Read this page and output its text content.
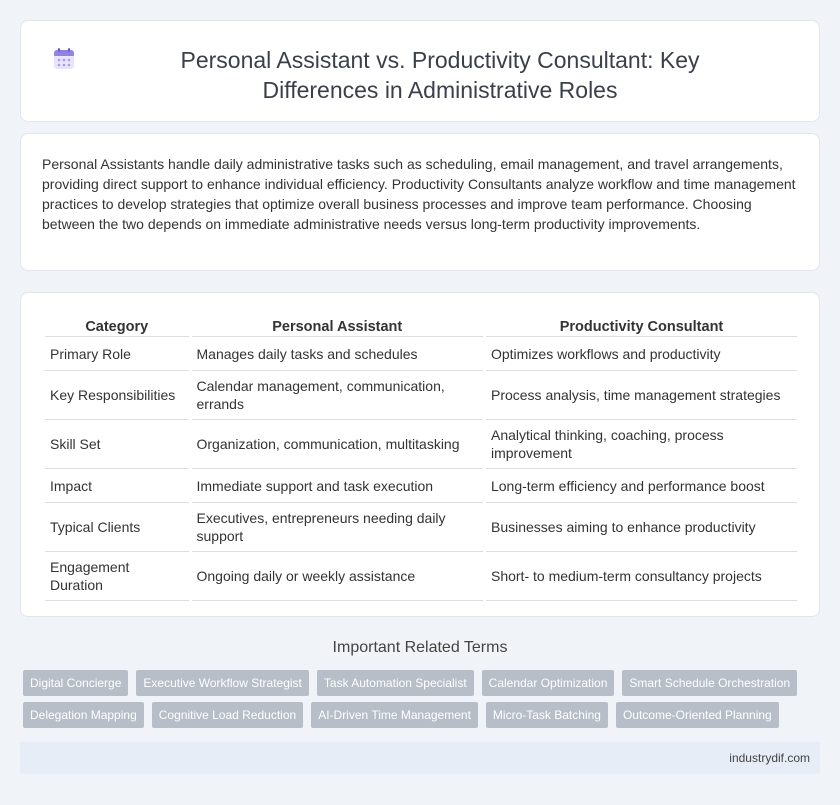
Personal Assistant vs. Productivity Consultant: Key Differences in Administrative Roles

Personal Assistants handle daily administrative tasks such as scheduling, email management, and travel arrangements, providing direct support to enhance individual efficiency. Productivity Consultants analyze workflow and time management practices to develop strategies that optimize overall business processes and improve team performance. Choosing between the two depends on immediate administrative needs versus long-term productivity improvements.

Category	Personal Assistant	Productivity Consultant
Primary Role	Manages daily tasks and schedules	Optimizes workflows and productivity
Key Responsibilities	Calendar management, communication, errands	Process analysis, time management strategies
Skill Set	Organization, communication, multitasking	Analytical thinking, coaching, process improvement
Impact	Immediate support and task execution	Long-term efficiency and performance boost
Typical Clients	Executives, entrepreneurs needing daily support	Businesses aiming to enhance productivity
Engagement Duration	Ongoing daily or weekly assistance	Short- to medium-term consultancy projects
Important Related Terms
Digital Concierge	Executive Workflow Strategist	Task Automation Specialist	Calendar Optimization	Smart Schedule Orchestration
Delegation Mapping	Cognitive Load Reduction	AI-Driven Time Management	Micro-Task Batching	Outcome-Oriented Planning
industrydif.com
